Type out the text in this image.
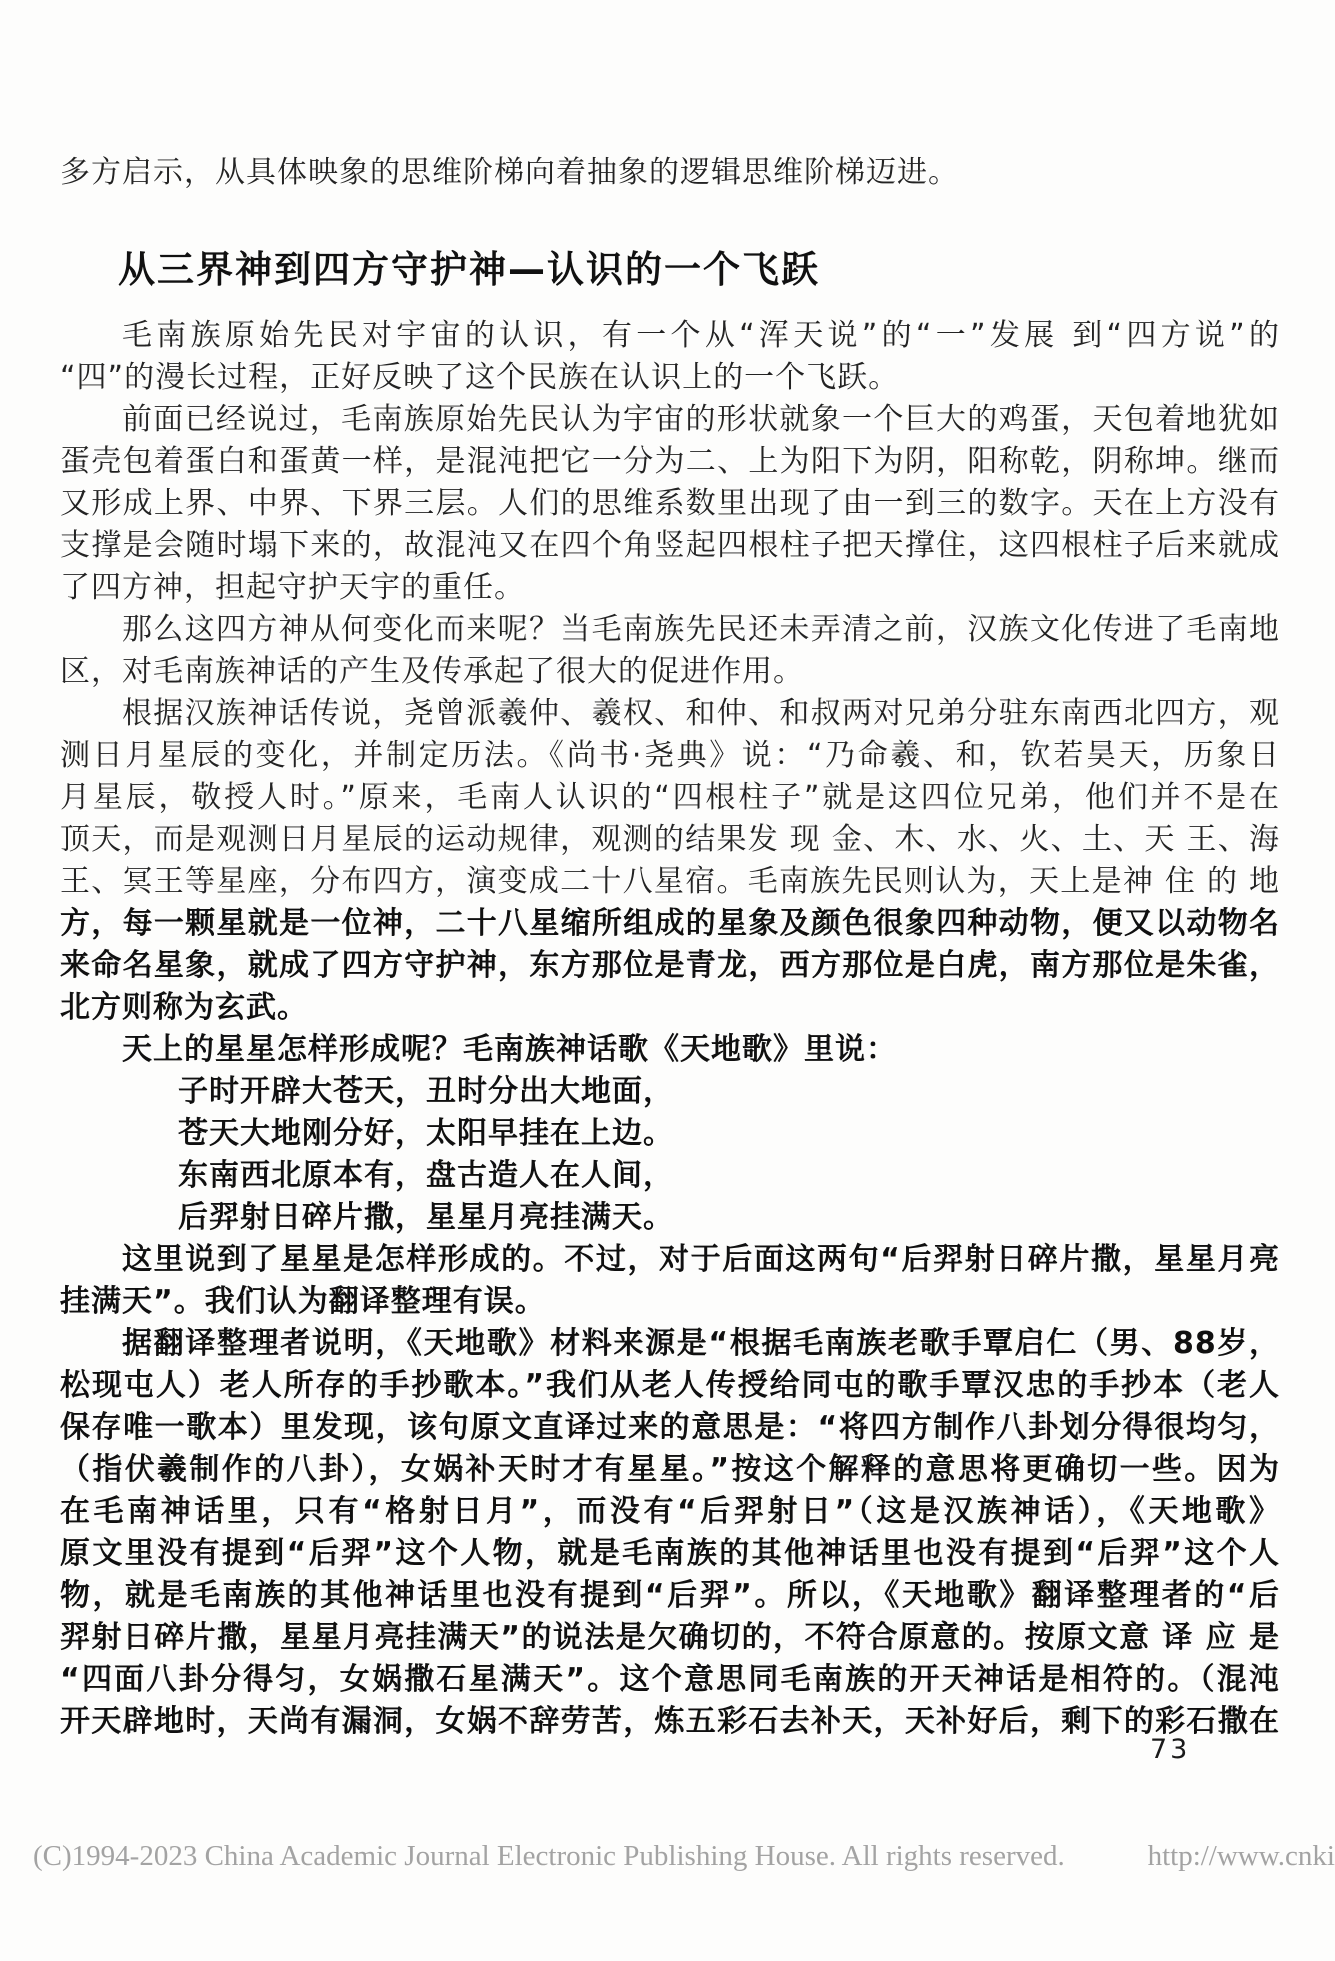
多方启示，从具体映象的思维阶梯向着抽象的逻辑思维阶梯迈进。
从三界神到四方守护神—认识的一个飞跃
毛南族原始先民对宇宙的认识，有一个从“浑天说”的“一”发展 到“四方说”的
“四”的漫长过程，正好反映了这个民族在认识上的一个飞跃。
前面已经说过，毛南族原始先民认为宇宙的形状就象一个巨大的鸡蛋，天包着地犹如
蛋壳包着蛋白和蛋黄一样，是混沌把它一分为二、上为阳下为阴，阳称乾，阴称坤。继而
又形成上界、中界、下界三层。人们的思维系数里出现了由一到三的数字。天在上方没有
支撑是会随时塌下来的，故混沌又在四个角竖起四根柱子把天撑住，这四根柱子后来就成
了四方神，担起守护天宇的重任。
那么这四方神从何变化而来呢？当毛南族先民还未弄清之前，汉族文化传进了毛南地
区，对毛南族神话的产生及传承起了很大的促进作用。
根据汉族神话传说，尧曾派羲仲、羲权、和仲、和叔两对兄弟分驻东南西北四方，观
测日月星辰的变化，并制定历法。《尚书·尧典》说：“乃命羲、和，钦若昊天，历象日
月星辰，敬授人时。”原来，毛南人认识的“四根柱子”就是这四位兄弟，他们并不是在
顶天，而是观测日月星辰的运动规律，观测的结果发 现 金、木、水、火、土、天 王、海
王、冥王等星座，分布四方，演变成二十八星宿。毛南族先民则认为，天上是神 住 的 地
方，每一颗星就是一位神，二十八星缩所组成的星象及颜色很象四种动物，便又以动物名
来命名星象，就成了四方守护神，东方那位是青龙，西方那位是白虎，南方那位是朱雀，
北方则称为玄武。
天上的星星怎样形成呢？毛南族神话歌《天地歌》里说：
子时开辟大苍天，丑时分出大地面，
苍天大地刚分好，太阳早挂在上边。
东南西北原本有，盘古造人在人间，
后羿射日碎片撒，星星月亮挂满天。
这里说到了星星是怎样形成的。不过，对于后面这两句“后羿射日碎片撒，星星月亮
挂满天”。我们认为翻译整理有误。
据翻译整理者说明，《天地歌》材料来源是“根据毛南族老歌手覃启仁（男、88岁，
松现屯人）老人所存的手抄歌本。”我们从老人传授给同屯的歌手覃汉忠的手抄本（老人
保存唯一歌本）里发现，该句原文直译过来的意思是：“将四方制作八卦划分得很均匀，
（指伏羲制作的八卦），女娲补天时才有星星。”按这个解释的意思将更确切一些。因为
在毛南神话里，只有“格射日月”，而没有“后羿射日”（这是汉族神话），《天地歌》
原文里没有提到“后羿”这个人物，就是毛南族的其他神话里也没有提到“后羿”这个人
物，就是毛南族的其他神话里也没有提到“后羿”。所以，《天地歌》翻译整理者的“后
羿射日碎片撒，星星月亮挂满天”的说法是欠确切的，不符合原意的。按原文意 译 应 是
“四面八卦分得匀，女娲撒石星满天”。这个意思同毛南族的开天神话是相符的。（混沌
开天辟地时，天尚有漏洞，女娲不辞劳苦，炼五彩石去补天，天补好后，剩下的彩石撒在
73
(C)1994-2023 China Academic Journal Electronic Publishing House. All rights reserved.	http://www.cnki
